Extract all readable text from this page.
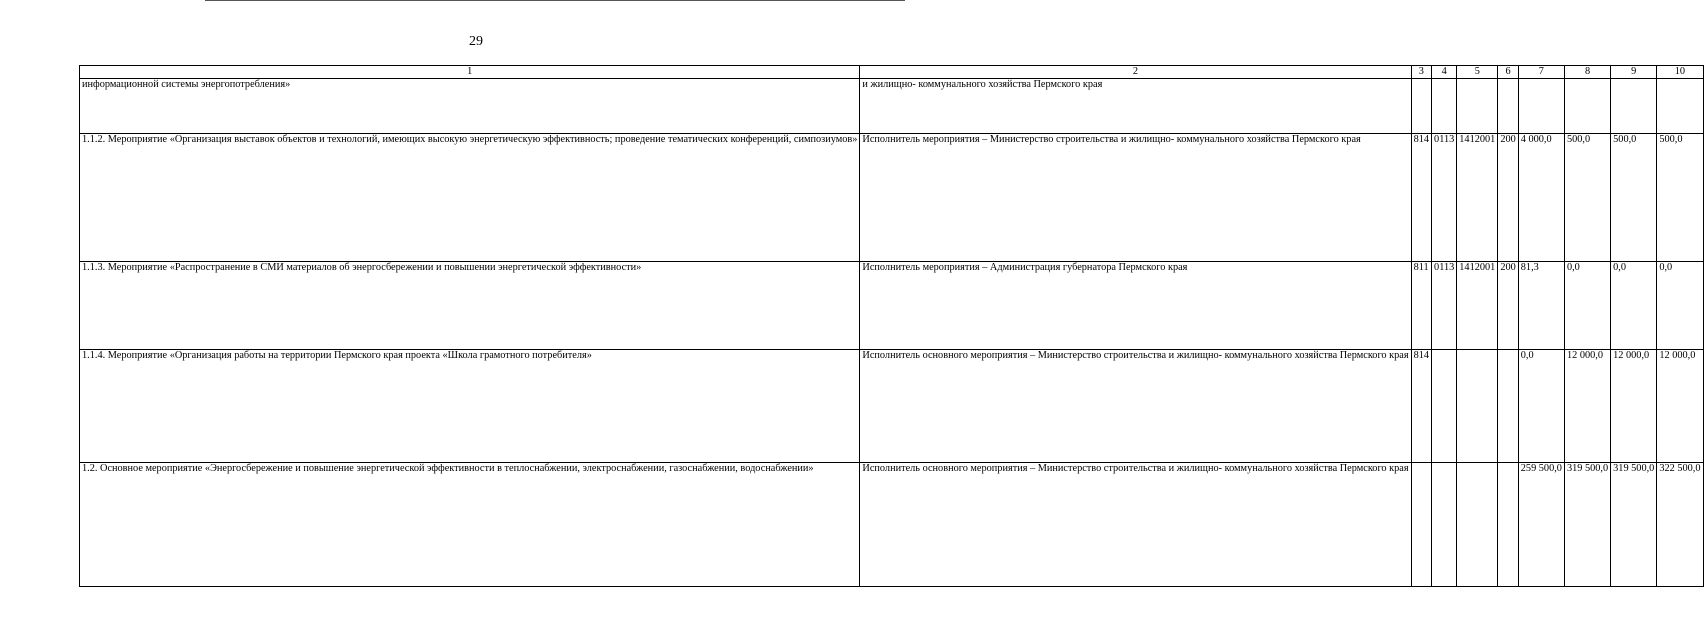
29
1	2	3	4	5	6	7	8	9	10
информационной системы энергопотребления»	и жилищно- коммунального хозяйства Пермского края								
1.1.2. Мероприятие «Организация выставок объектов и технологий, имеющих высокую энергетическую эффективность; проведение тематических конференций, симпозиумов»	Исполнитель мероприятия – Министерство строительства и жилищно- коммунального хозяйства Пермского края	814	0113	1412001	200	4 000,0	500,0	500,0	500,0
1.1.3. Мероприятие «Распространение в СМИ материалов об энергосбережении и повышении энергетической эффективности»	Исполнитель мероприятия – Администрация губернатора Пермского края	811	0113	1412001	200	81,3	0,0	0,0	0,0
1.1.4. Мероприятие «Организация работы на территории Пермского края проекта «Школа грамотного потребителя»	Исполнитель основного мероприятия – Министерство строительства и жилищно- коммунального хозяйства Пермского края	814				0,0	12 000,0	12 000,0	12 000,0
1.2. Основное мероприятие «Энергосбережение и повышение энергетической эффективности в теплоснабжении, электроснабжении, газоснабжении, водоснабжении»	Исполнитель основного мероприятия – Министерство строительства и жилищно- коммунального хозяйства Пермского края					259 500,0	319 500,0	319 500,0	322 500,0
